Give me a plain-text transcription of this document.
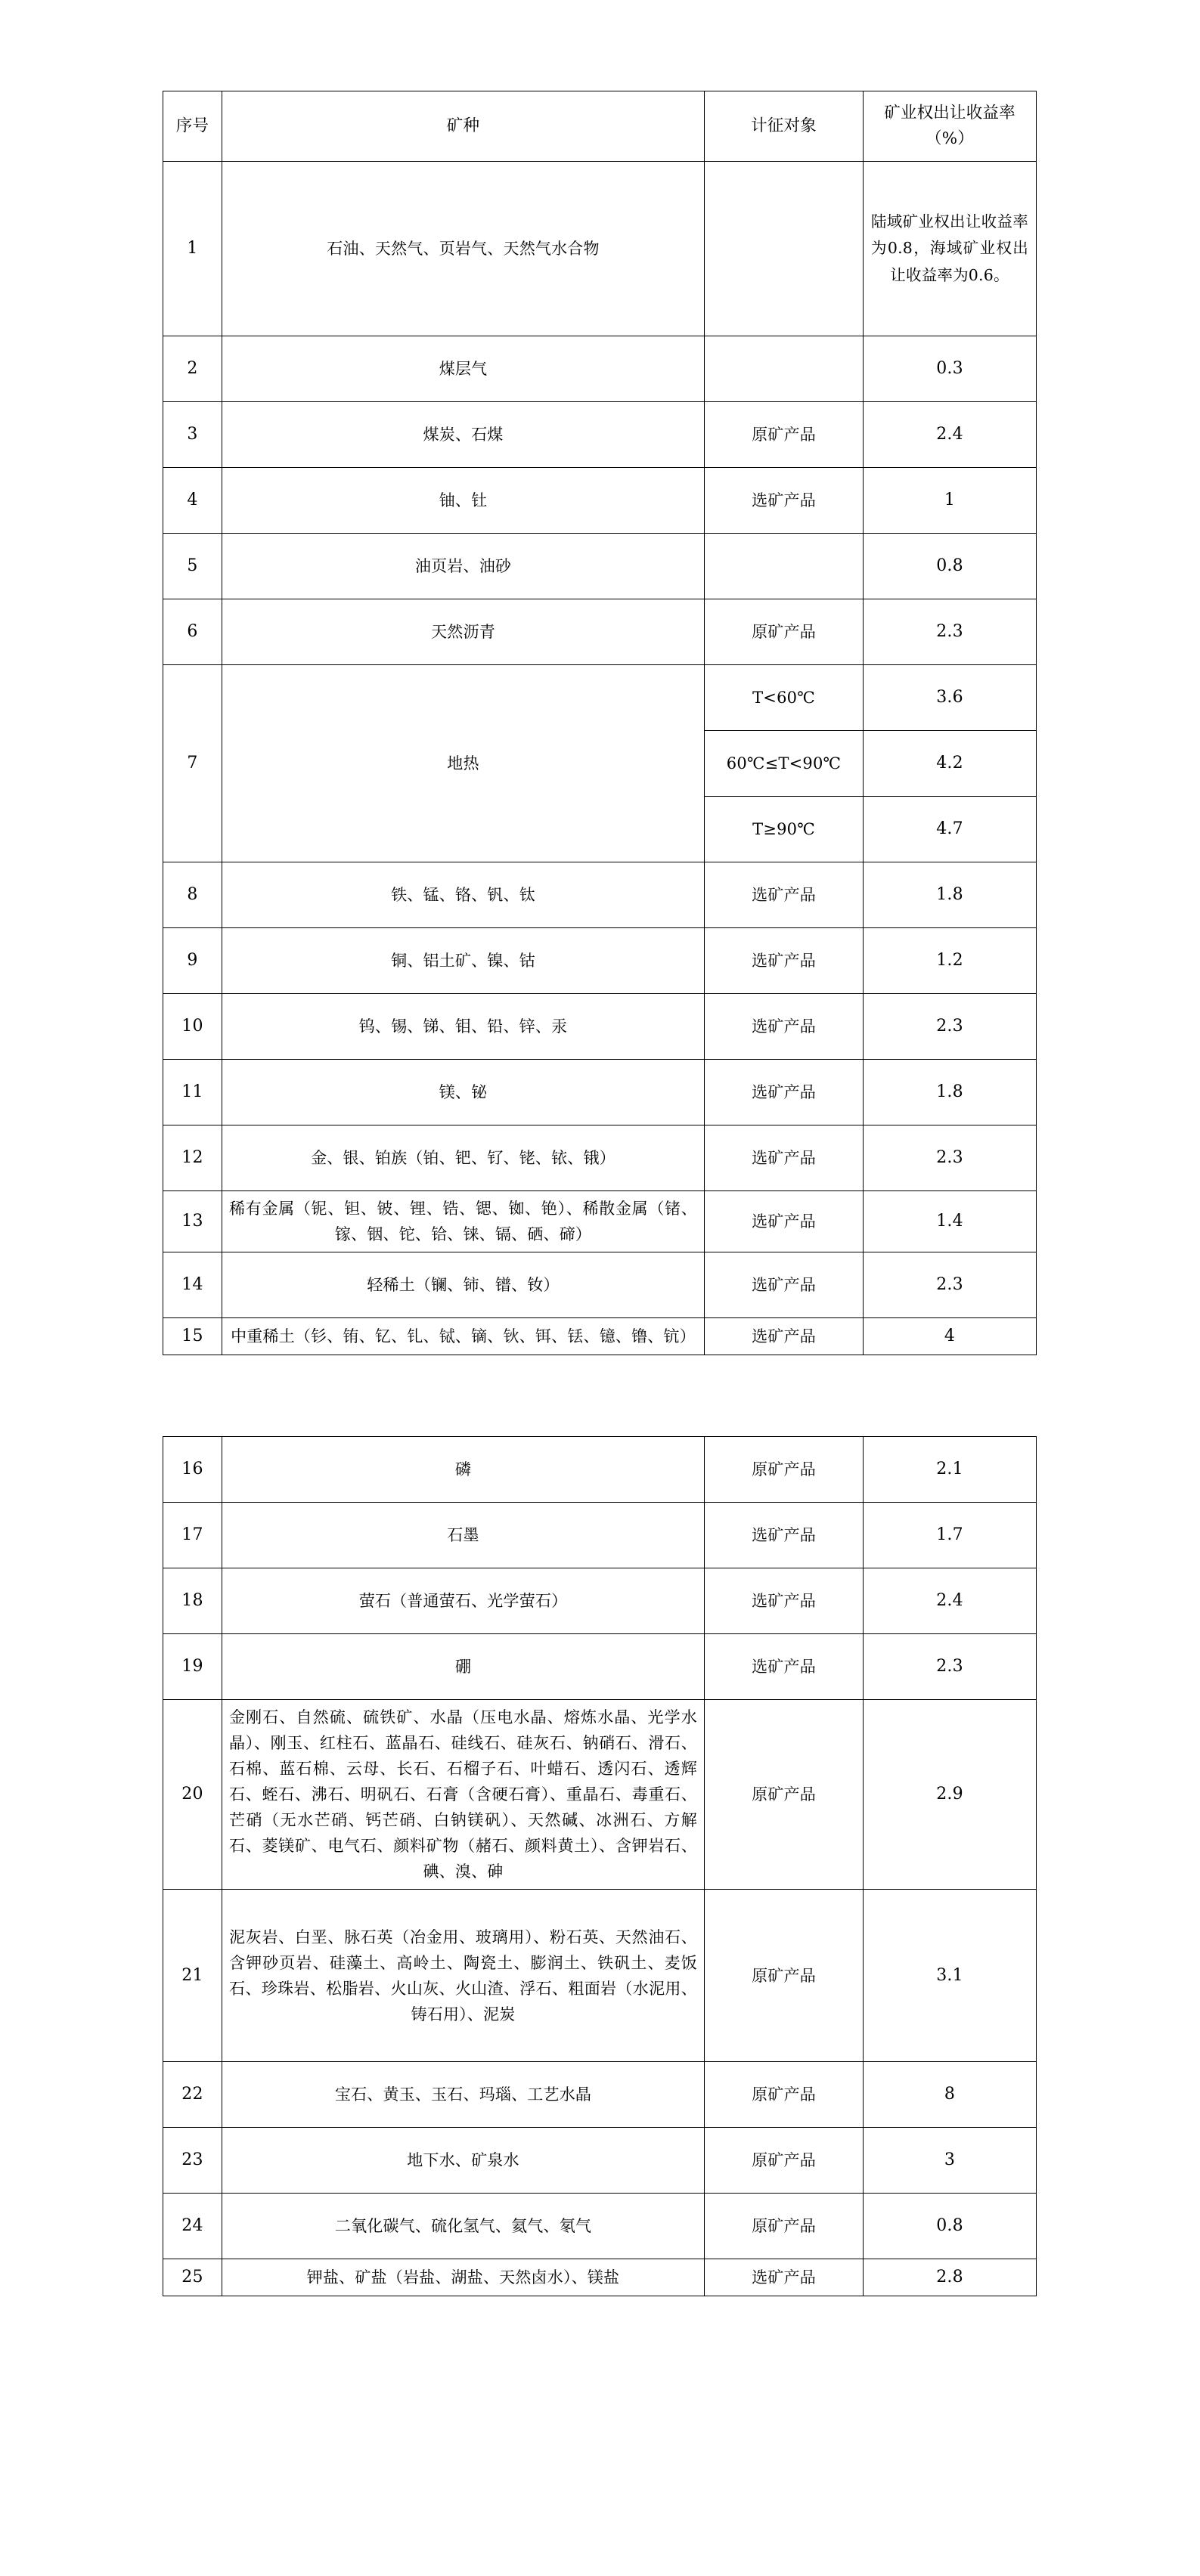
序号	矿种	计征对象	矿业权出让收益率（%）
1	石油、天然气、页岩气、天然气水合物		陆域矿业权出让收益率为0.8，海域矿业权出让收益率为0.6。
2	煤层气		0.3
3	煤炭、石煤	原矿产品	2.4
4	铀、钍	选矿产品	1
5	油页岩、油砂		0.8
6	天然沥青	原矿产品	2.3
7	地热	T<60℃	3.6
		60℃≤T<90℃	4.2
		T≥90℃	4.7
8	铁、锰、铬、钒、钛	选矿产品	1.8
9	铜、铝土矿、镍、钴	选矿产品	1.2
10	钨、锡、锑、钼、铅、锌、汞	选矿产品	2.3
11	镁、铋	选矿产品	1.8
12	金、银、铂族（铂、钯、钌、铑、铱、锇）	选矿产品	2.3
13	稀有金属（铌、钽、铍、锂、锆、锶、铷、铯）、稀散金属（锗、镓、铟、铊、铪、铼、镉、硒、碲）	选矿产品	1.4
14	轻稀土（镧、铈、镨、钕）	选矿产品	2.3
15	中重稀土（钐、铕、钇、钆、铽、镝、钬、铒、铥、镱、镥、钪）	选矿产品	4
16	磷	原矿产品	2.1
17	石墨	选矿产品	1.7
18	萤石（普通萤石、光学萤石）	选矿产品	2.4
19	硼	选矿产品	2.3
20	金刚石、自然硫、硫铁矿、水晶（压电水晶、熔炼水晶、光学水晶）、刚玉、红柱石、蓝晶石、硅线石、硅灰石、钠硝石、滑石、石棉、蓝石棉、云母、长石、石榴子石、叶蜡石、透闪石、透辉石、蛭石、沸石、明矾石、石膏（含硬石膏）、重晶石、毒重石、芒硝（无水芒硝、钙芒硝、白钠镁矾）、天然碱、冰洲石、方解石、菱镁矿、电气石、颜料矿物（赭石、颜料黄土）、含钾岩石、碘、溴、砷	原矿产品	2.9
21	泥灰岩、白垩、脉石英（冶金用、玻璃用）、粉石英、天然油石、含钾砂页岩、硅藻土、高岭土、陶瓷土、膨润土、铁矾土、麦饭石、珍珠岩、松脂岩、火山灰、火山渣、浮石、粗面岩（水泥用、铸石用）、泥炭	原矿产品	3.1
22	宝石、黄玉、玉石、玛瑙、工艺水晶	原矿产品	8
23	地下水、矿泉水	原矿产品	3
24	二氧化碳气、硫化氢气、氦气、氡气	原矿产品	0.8
25	钾盐、矿盐（岩盐、湖盐、天然卤水）、镁盐	选矿产品	2.8
